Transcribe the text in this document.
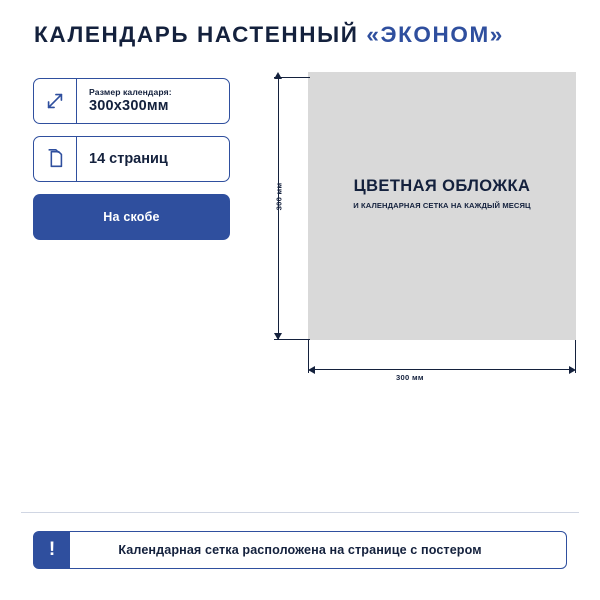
КАЛЕНДАРЬ НАСТЕННЫЙ «ЭКОНОМ»
Размер календаря:
300x300мм
14 страниц
На скобе
ЦВЕТНАЯ ОБЛОЖКА
И КАЛЕНДАРНАЯ СЕТКА НА КАЖДЫЙ МЕСЯЦ
300 мм
300 мм
!	Календарная сетка расположена на странице с постером
